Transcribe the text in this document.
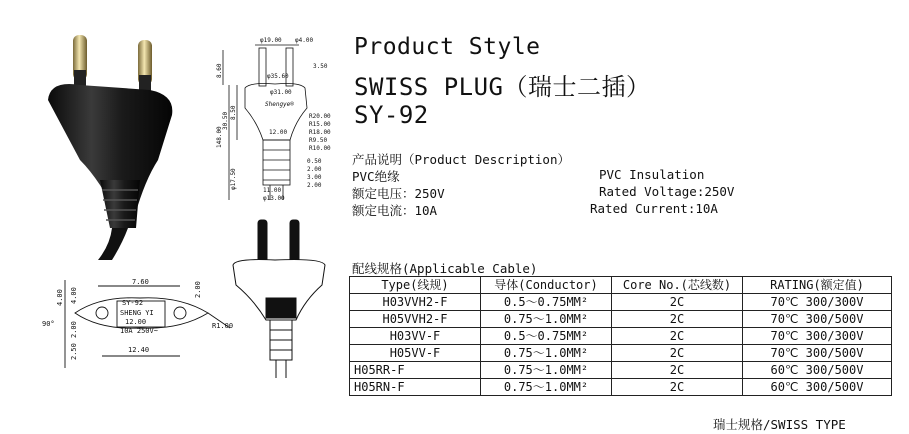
Shengye®
φ19.00 φ4.00
3.50
φ35.60
φ31.00
R20.00
R15.00
R18.00
R9.50
R10.00
12.00
11.00
φ13.00
0.50
2.00
3.00
2.00
30.50
148.00
8.50
φ17.50
8.60
7.60	2.00
4.00 4.00
2.00
90°	12.00
12.40
2.50
R1.00
SY-92
SHENG YI
10A 250V~
Product Style
SWISS PLUG（瑞士二插）
SY-92
产品说明（Product Description）
PVC绝缘	PVC Insulation
额定电压：250V	Rated Voltage:250V
额定电流：10A	Rated Current:10A
配线规格(Applicable Cable)
Type(线规)	导体(Conductor)	Core No.(芯线数)	RATING(额定值)
H03VVH2-F	0.5～0.75MM²	2C	70℃ 300/300V
H05VVH2-F	0.75～1.0MM²	2C	70℃ 300/500V
H03VV-F	0.5～0.75MM²	2C	70℃ 300/300V
H05VV-F	0.75～1.0MM²	2C	70℃ 300/500V
H05RR-F	0.75～1.0MM²	2C	60℃ 300/500V
H05RN-F	0.75～1.0MM²	2C	60℃ 300/500V
瑞士规格/SWISS TYPE
